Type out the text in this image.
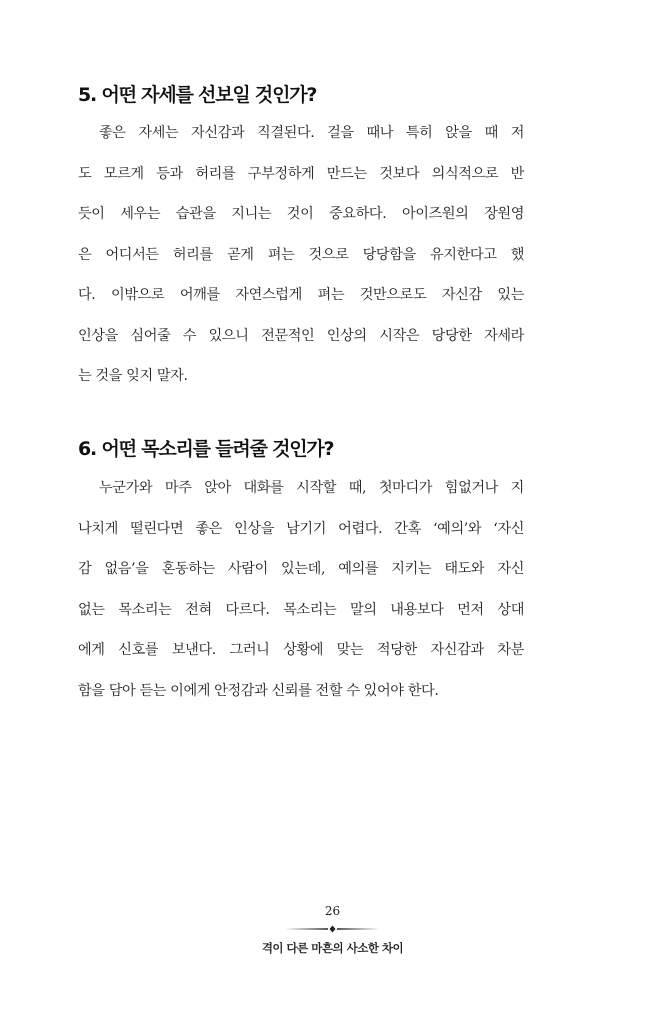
5. 어떤 자세를 선보일 것인가?
좋은 자세는 자신감과 직결된다. 걸을 때나 특히 앉을 때 저
도 모르게 등과 허리를 구부정하게 만드는 것보다 의식적으로 반
듯이 세우는 습관을 지니는 것이 중요하다. 아이즈원의 장원영
은 어디서든 허리를 곧게 펴는 것으로 당당함을 유지한다고 했
다. 이밖으로 어깨를 자연스럽게 펴는 것만으로도 자신감 있는
인상을 심어줄 수 있으니 전문적인 인상의 시작은 당당한 자세라
는 것을 잊지 말자.
6. 어떤 목소리를 들려줄 것인가?
누군가와 마주 앉아 대화를 시작할 때, 첫마디가 힘없거나 지
나치게 떨린다면 좋은 인상을 남기기 어렵다. 간혹 ‘예의’와 ‘자신
감 없음’을 혼동하는 사람이 있는데, 예의를 지키는 태도와 자신
없는 목소리는 전혀 다르다. 목소리는 말의 내용보다 먼저 상대
에게 신호를 보낸다. 그러니 상황에 맞는 적당한 자신감과 차분
함을 담아 듣는 이에게 안정감과 신뢰를 전할 수 있어야 한다.
26
격이 다른 마흔의 사소한 차이
